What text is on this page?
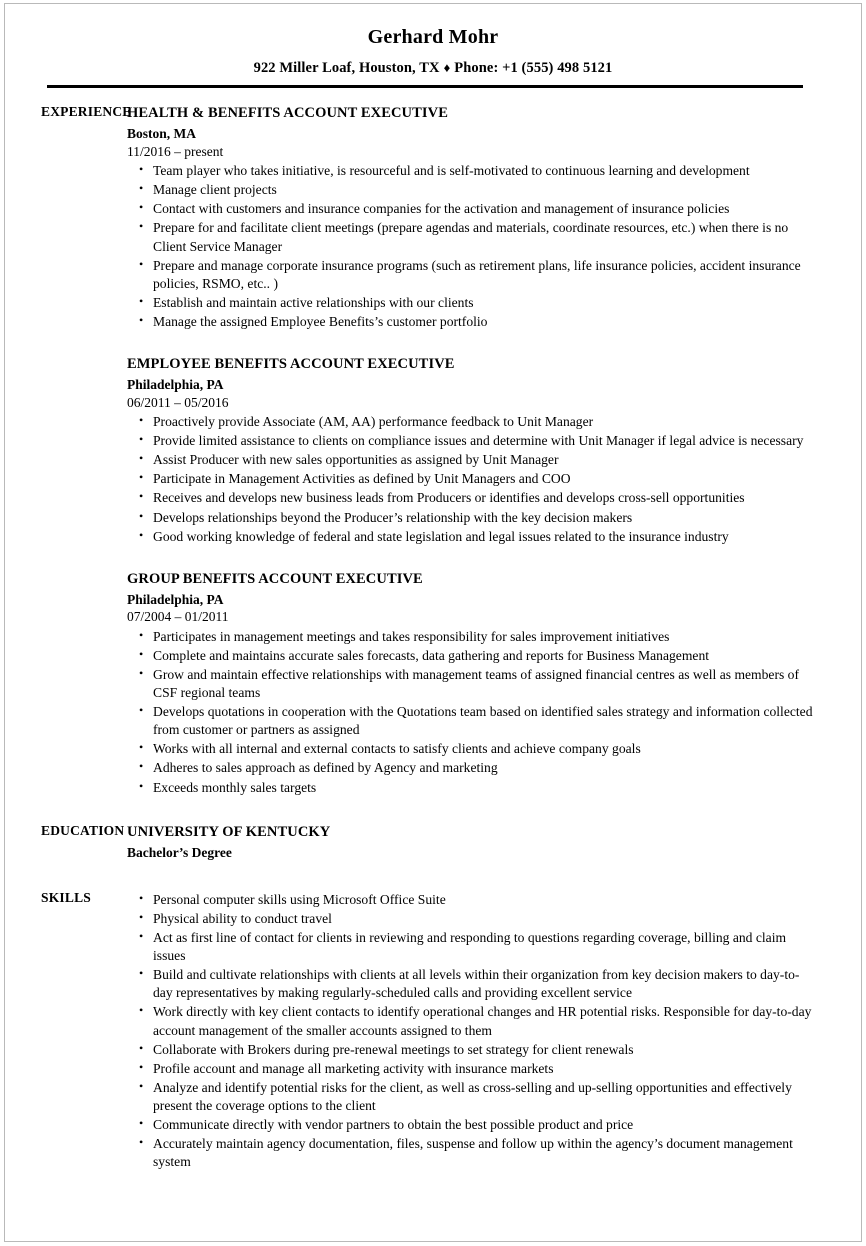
Gerhard Mohr
922 Miller Loaf, Houston, TX ♦ Phone: +1 (555) 498 5121
EXPERIENCE
HEALTH & BENEFITS ACCOUNT EXECUTIVE
Boston, MA
11/2016 – present
• Team player who takes initiative, is resourceful and is self-motivated to continuous learning and development
• Manage client projects
• Contact with customers and insurance companies for the activation and management of insurance policies
• Prepare for and facilitate client meetings (prepare agendas and materials, coordinate resources, etc.) when there is no Client Service Manager
• Prepare and manage corporate insurance programs (such as retirement plans, life insurance policies, accident insurance policies, RSMO, etc.. )
• Establish and maintain active relationships with our clients
• Manage the assigned Employee Benefits’s customer portfolio
EMPLOYEE BENEFITS ACCOUNT EXECUTIVE
Philadelphia, PA
06/2011 – 05/2016
• Proactively provide Associate (AM, AA) performance feedback to Unit Manager
• Provide limited assistance to clients on compliance issues and determine with Unit Manager if legal advice is necessary
• Assist Producer with new sales opportunities as assigned by Unit Manager
• Participate in Management Activities as defined by Unit Managers and COO
• Receives and develops new business leads from Producers or identifies and develops cross-sell opportunities
• Develops relationships beyond the Producer’s relationship with the key decision makers
• Good working knowledge of federal and state legislation and legal issues related to the insurance industry
GROUP BENEFITS ACCOUNT EXECUTIVE
Philadelphia, PA
07/2004 – 01/2011
• Participates in management meetings and takes responsibility for sales improvement initiatives
• Complete and maintains accurate sales forecasts, data gathering and reports for Business Management
• Grow and maintain effective relationships with management teams of assigned financial centres as well as members of CSF regional teams
• Develops quotations in cooperation with the Quotations team based on identified sales strategy and information collected from customer or partners as assigned
• Works with all internal and external contacts to satisfy clients and achieve company goals
• Adheres to sales approach as defined by Agency and marketing
• Exceeds monthly sales targets
EDUCATION UNIVERSITY OF KENTUCKY
Bachelor’s Degree
SKILLS	• Personal computer skills using Microsoft Office Suite
• Physical ability to conduct travel
• Act as first line of contact for clients in reviewing and responding to questions regarding coverage, billing and claim issues
• Build and cultivate relationships with clients at all levels within their organization from key decision makers to day-to-day representatives by making regularly-scheduled calls and providing excellent service
• Work directly with key client contacts to identify operational changes and HR potential risks. Responsible for day-to-day account management of the smaller accounts assigned to them
• Collaborate with Brokers during pre-renewal meetings to set strategy for client renewals
• Profile account and manage all marketing activity with insurance markets
• Analyze and identify potential risks for the client, as well as cross-selling and up-selling opportunities and effectively present the coverage options to the client
• Communicate directly with vendor partners to obtain the best possible product and price
• Accurately maintain agency documentation, files, suspense and follow up within the agency’s document management system
